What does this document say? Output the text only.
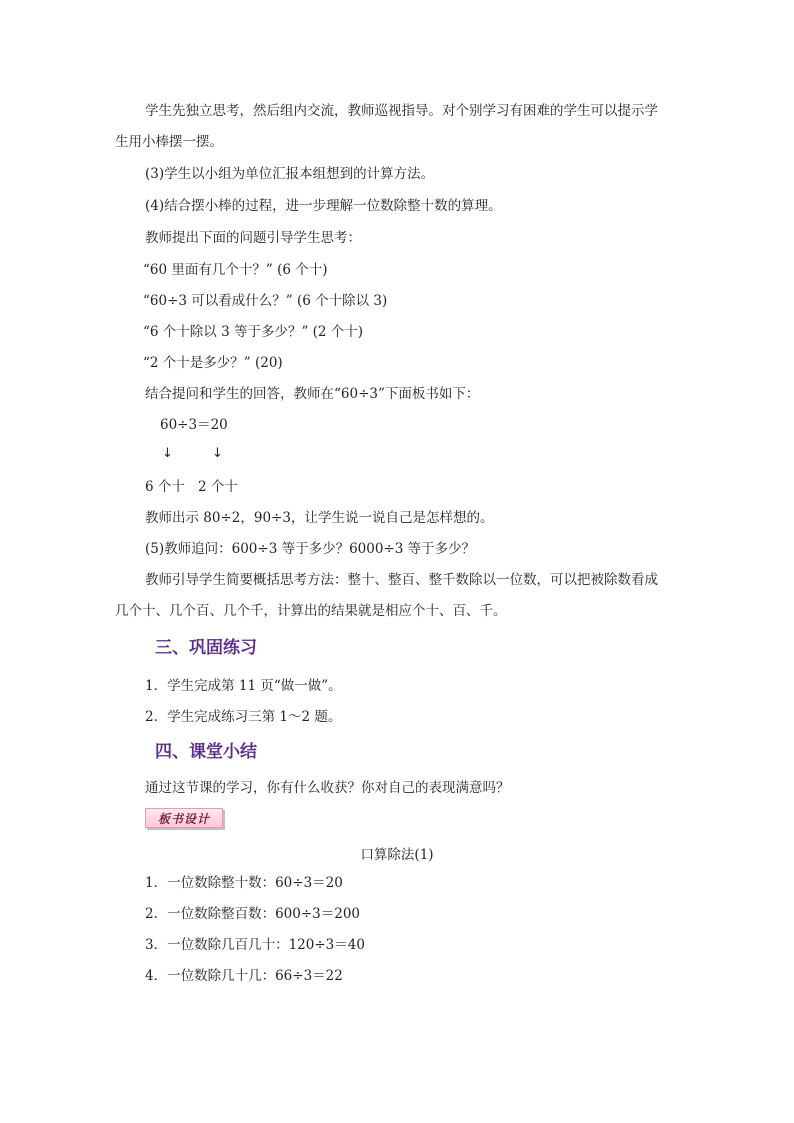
学生先独立思考，然后组内交流，教师巡视指导。对个别学习有困难的学生可以提示学
生用小棒摆一摆。
(3)学生以小组为单位汇报本组想到的计算方法。
(4)结合摆小棒的过程，进一步理解一位数除整十数的算理。
教师提出下面的问题引导学生思考：
“60 里面有几个十？” (6 个十)
“60÷3 可以看成什么？” (6 个十除以 3)
“6 个十除以 3 等于多少？” (2 个十)
“2 个十是多少？” (20)
结合提问和学生的回答，教师在“60÷3”下面板书如下：
60÷3＝20
↓	↓
6 个十 2 个十
教师出示 80÷2，90÷3，让学生说一说自己是怎样想的。
(5)教师追问：600÷3 等于多少？6000÷3 等于多少？
教师引导学生简要概括思考方法：整十、整百、整千数除以一位数，可以把被除数看成
几个十、几个百、几个千，计算出的结果就是相应个十、百、千。
三、巩固练习
1．学生完成第 11 页“做一做”。
2．学生完成练习三第 1～2 题。
四、课堂小结
通过这节课的学习，你有什么收获？你对自己的表现满意吗？
板书设计
口算除法(1)
1．一位数除整十数：60÷3＝20
2．一位数除整百数：600÷3＝200
3．一位数除几百几十：120÷3＝40
4．一位数除几十几：66÷3＝22
